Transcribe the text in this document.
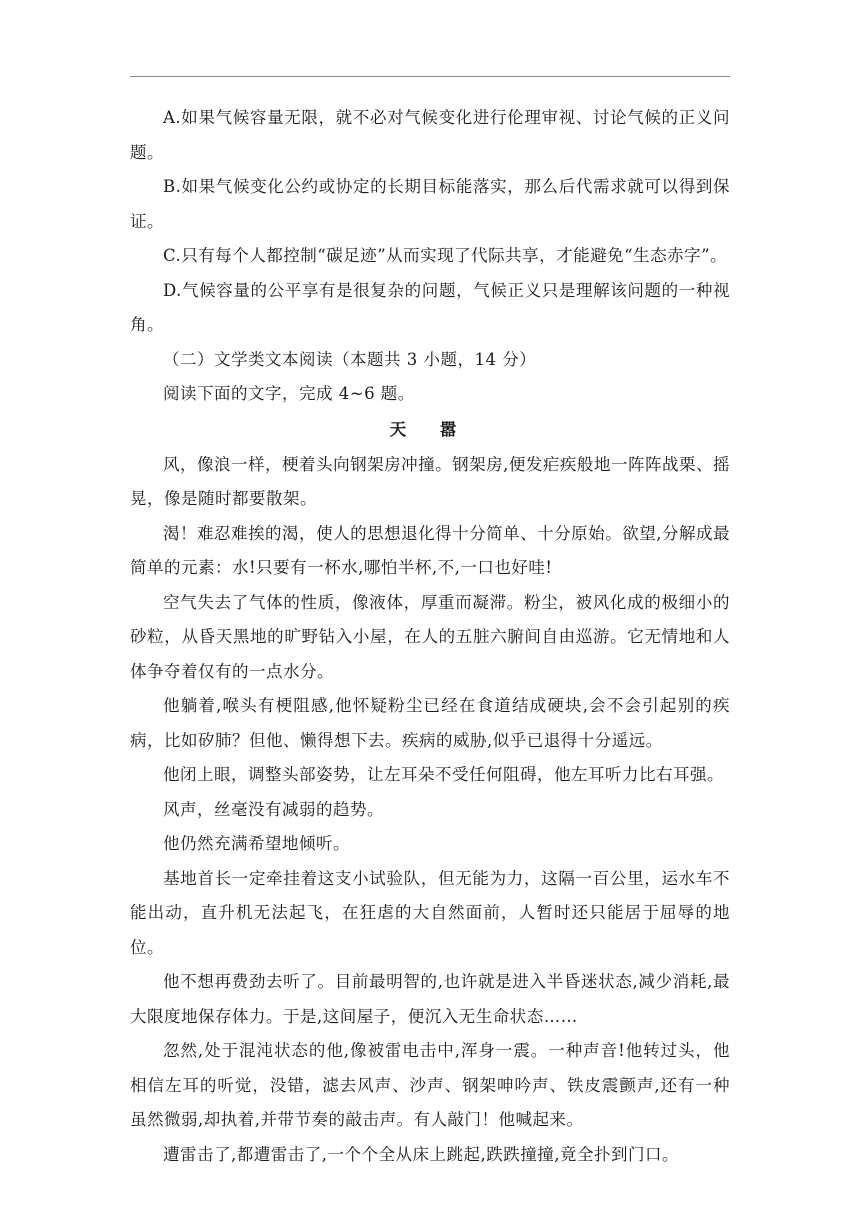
A.如果气候容量无限，就不必对气候变化进行伦理审视、讨论气候的正义问题。

B.如果气候变化公约或协定的长期目标能落实，那么后代需求就可以得到保证。

C.只有每个人都控制“碳足迹”从而实现了代际共享，才能避免“生态赤字”。

D.气候容量的公平享有是很复杂的问题，气候正义只是理解该问题的一种视角。

（二）文学类文本阅读（本题共 3 小题，14 分）

阅读下面的文字，完成 4~6 题。

天 嚣

风，像浪一样，梗着头向钢架房冲撞。钢架房,便发疟疾般地一阵阵战栗、摇晃，像是随时都要散架。

渴！难忍难挨的渴，使人的思想退化得十分简单、十分原始。欲望,分解成最简单的元素：水!只要有一杯水,哪怕半杯,不,一口也好哇!

空气失去了气体的性质，像液体，厚重而凝滞。粉尘，被风化成的极细小的砂粒，从昏天黑地的旷野钻入小屋，在人的五脏六腑间自由巡游。它无情地和人体争夺着仅有的一点水分。

他躺着,喉头有梗阻感,他怀疑粉尘已经在食道结成硬块,会不会引起别的疾病，比如矽肺？但他、懒得想下去。疾病的威胁,似乎已退得十分遥远。

他闭上眼，调整头部姿势，让左耳朵不受任何阻碍，他左耳听力比右耳强。

风声，丝毫没有减弱的趋势。

他仍然充满希望地倾听。

基地首长一定牵挂着这支小试验队，但无能为力，这隔一百公里，运水车不能出动，直升机无法起飞，在狂虐的大自然面前，人暂时还只能居于屈辱的地位。

他不想再费劲去听了。目前最明智的,也许就是进入半昏迷状态,减少消耗,最大限度地保存体力。于是,这间屋子，便沉入无生命状态……

忽然,处于混沌状态的他,像被雷电击中,浑身一震。一种声音!他转过头，他相信左耳的听觉，没错，滤去风声、沙声、钢架呻吟声、铁皮震颤声,还有一种虽然微弱,却执着,并带节奏的敲击声。有人敲门！他喊起来。

遭雷击了,都遭雷击了,一个个全从床上跳起,跌跌撞撞,竟全扑到门口。
